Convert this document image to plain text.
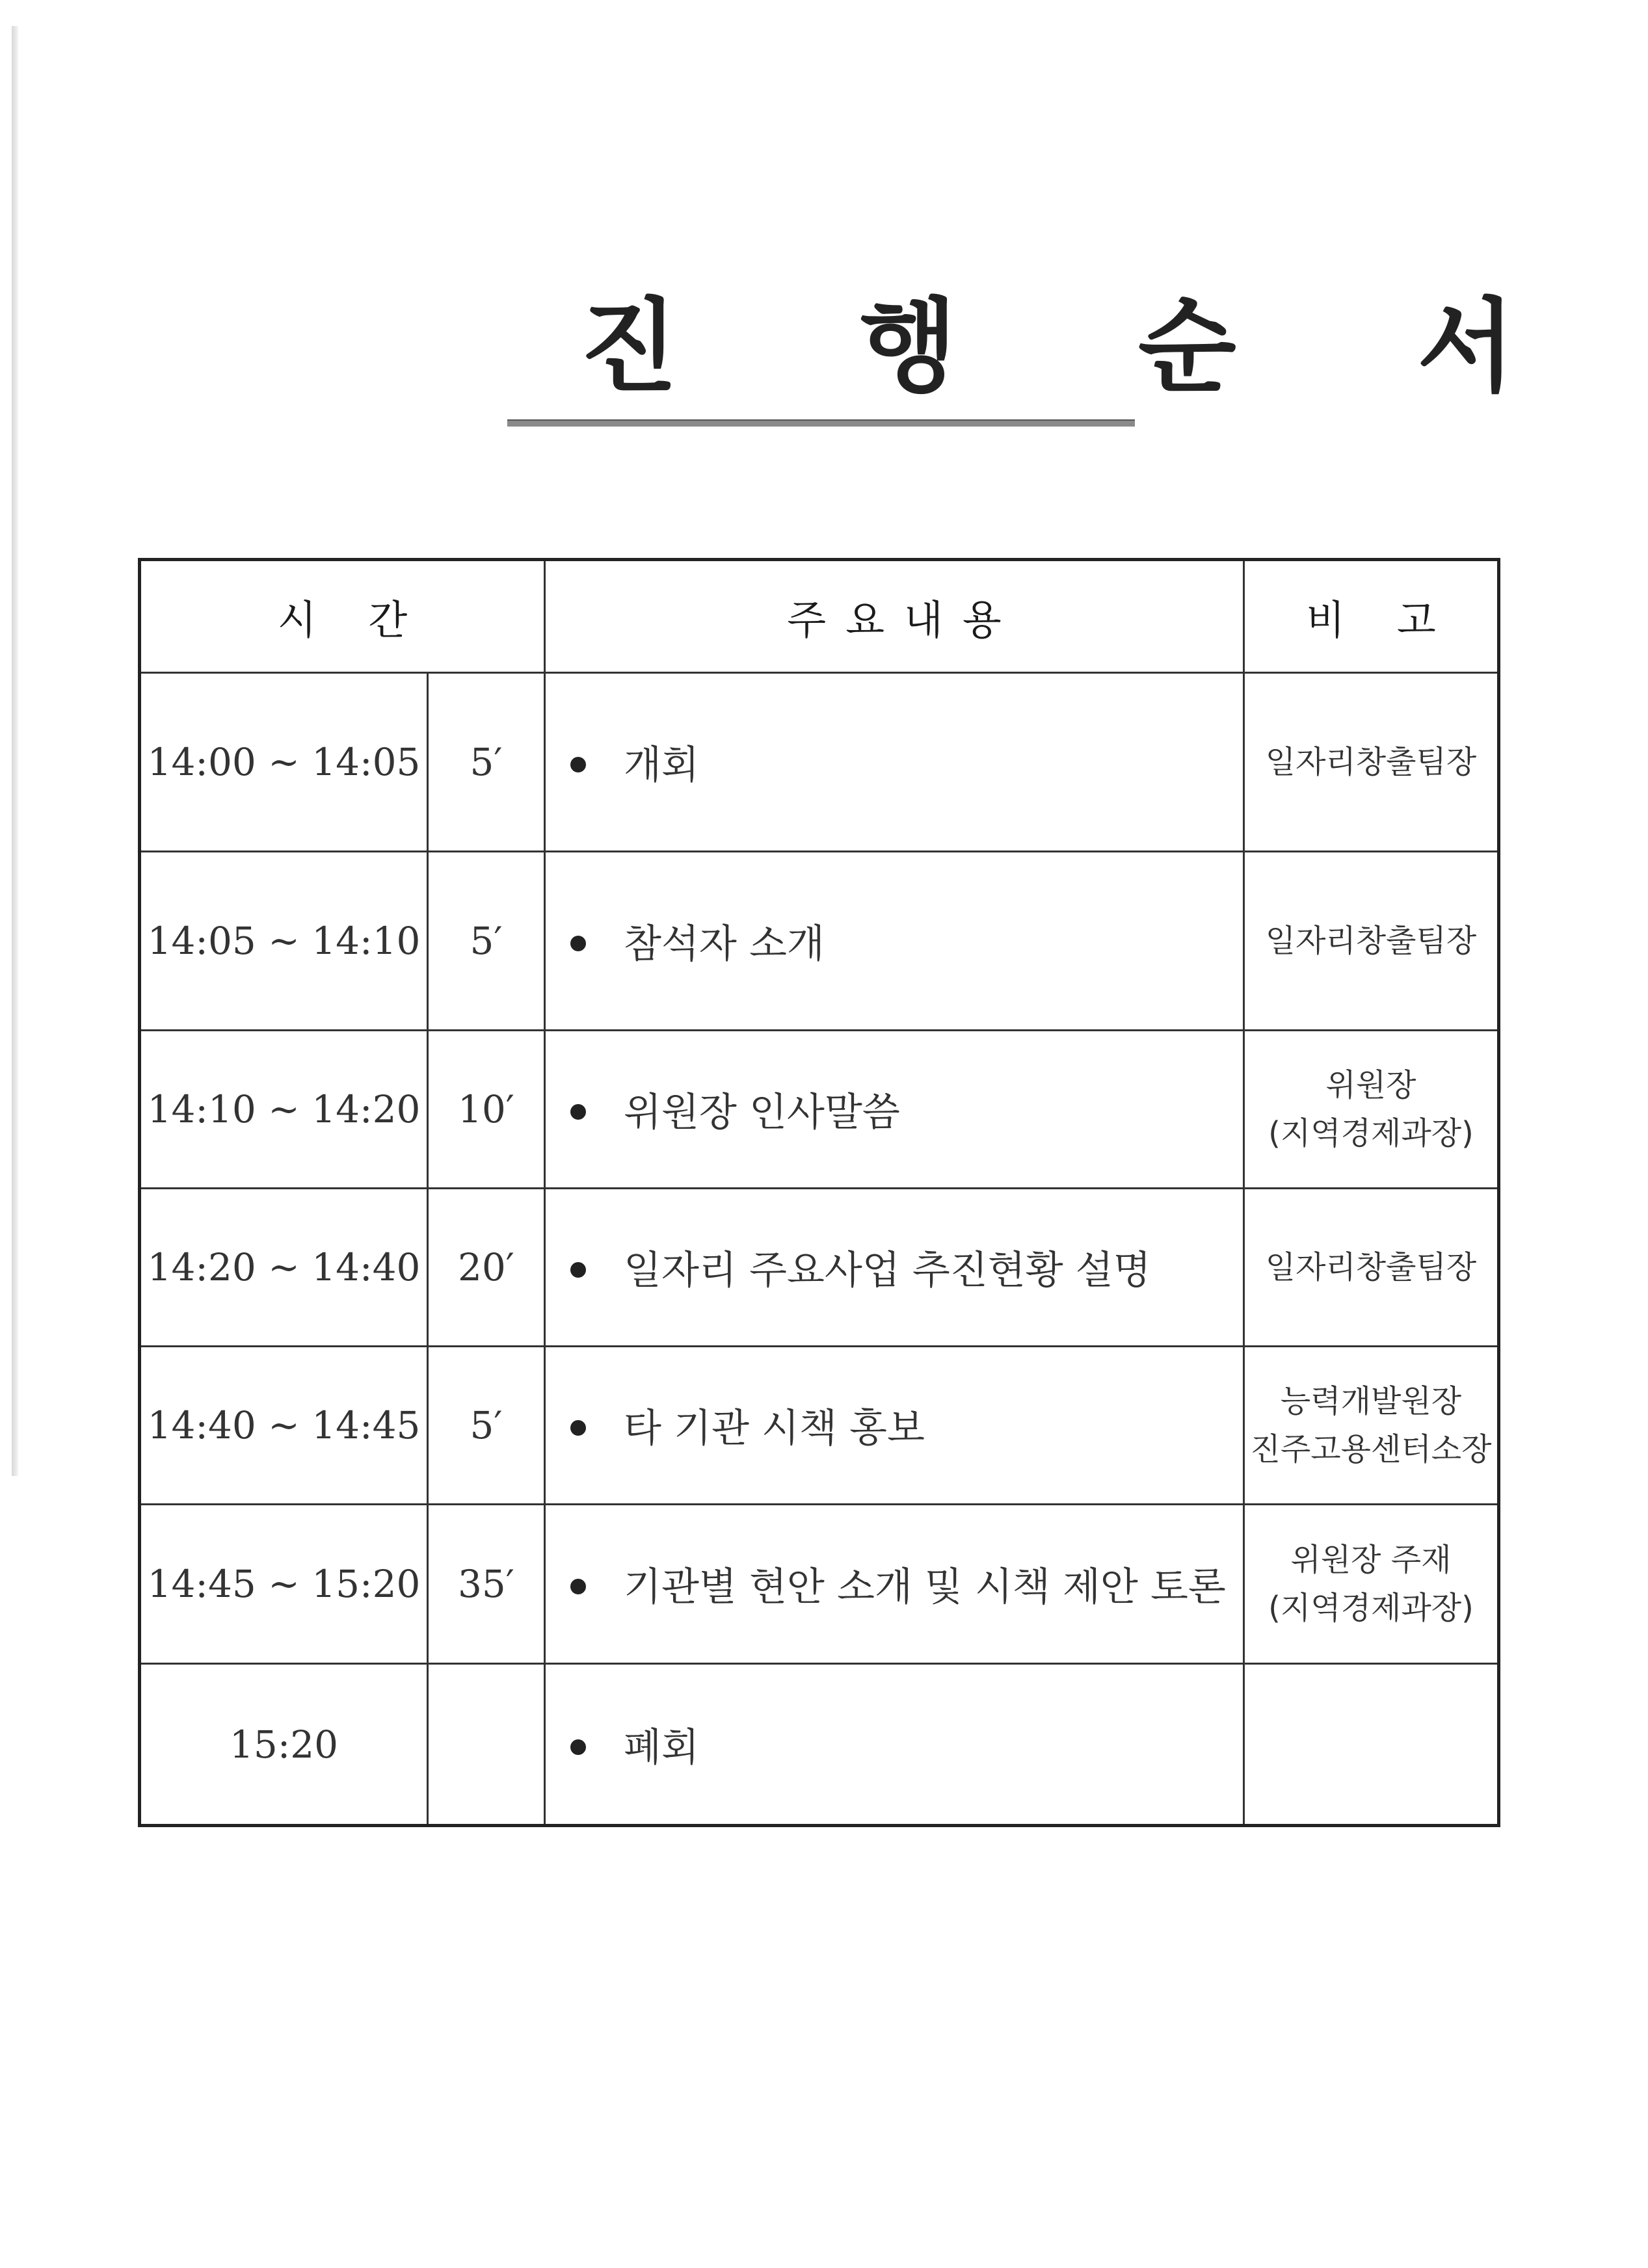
진 행 순 서
시 간		주요내용	비 고
14:00 ~ 14:05	5′	개회	일자리창출팀장

14:05 ~ 14:10	5′	참석자 소개	일자리창출팀장

14:10 ~ 14:20	10′	위원장 인사말씀	위원장
(지역경제과장)

14:20 ~ 14:40	20′	일자리 주요사업 추진현황 설명	일자리창출팀장

14:40 ~ 14:45	5′	타 기관 시책 홍보	능력개발원장
진주고용센터소장

14:45 ~ 15:20	35′	기관별 현안 소개 및 시책 제안 토론	위원장 주재
(지역경제과장)

15:20		폐회	
